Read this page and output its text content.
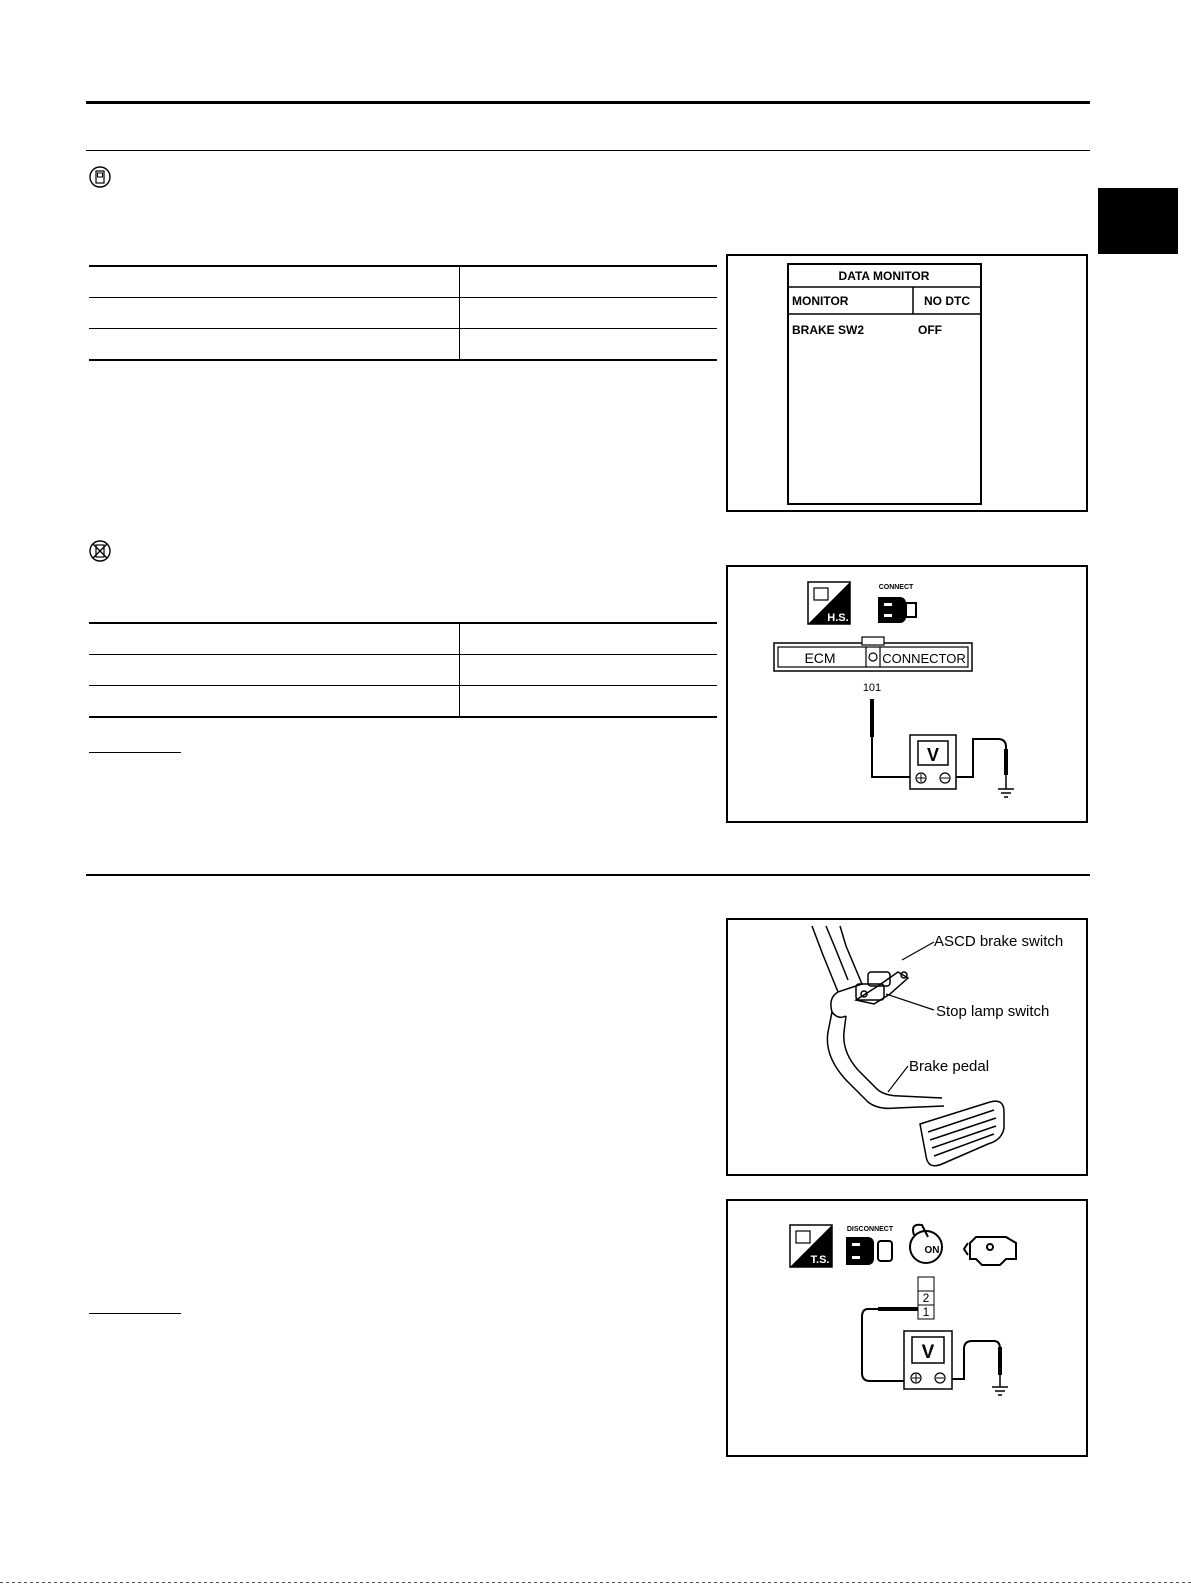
DATA MONITOR
MONITOR	NO DTC
BRAKE SW2	OFF
H.S.
CONNECT
ECM	CONNECTOR
101
V
ASCD brake switch
Stop lamp switch
Brake pedal
T.S.
DISCONNECT
ON
2
1
V
